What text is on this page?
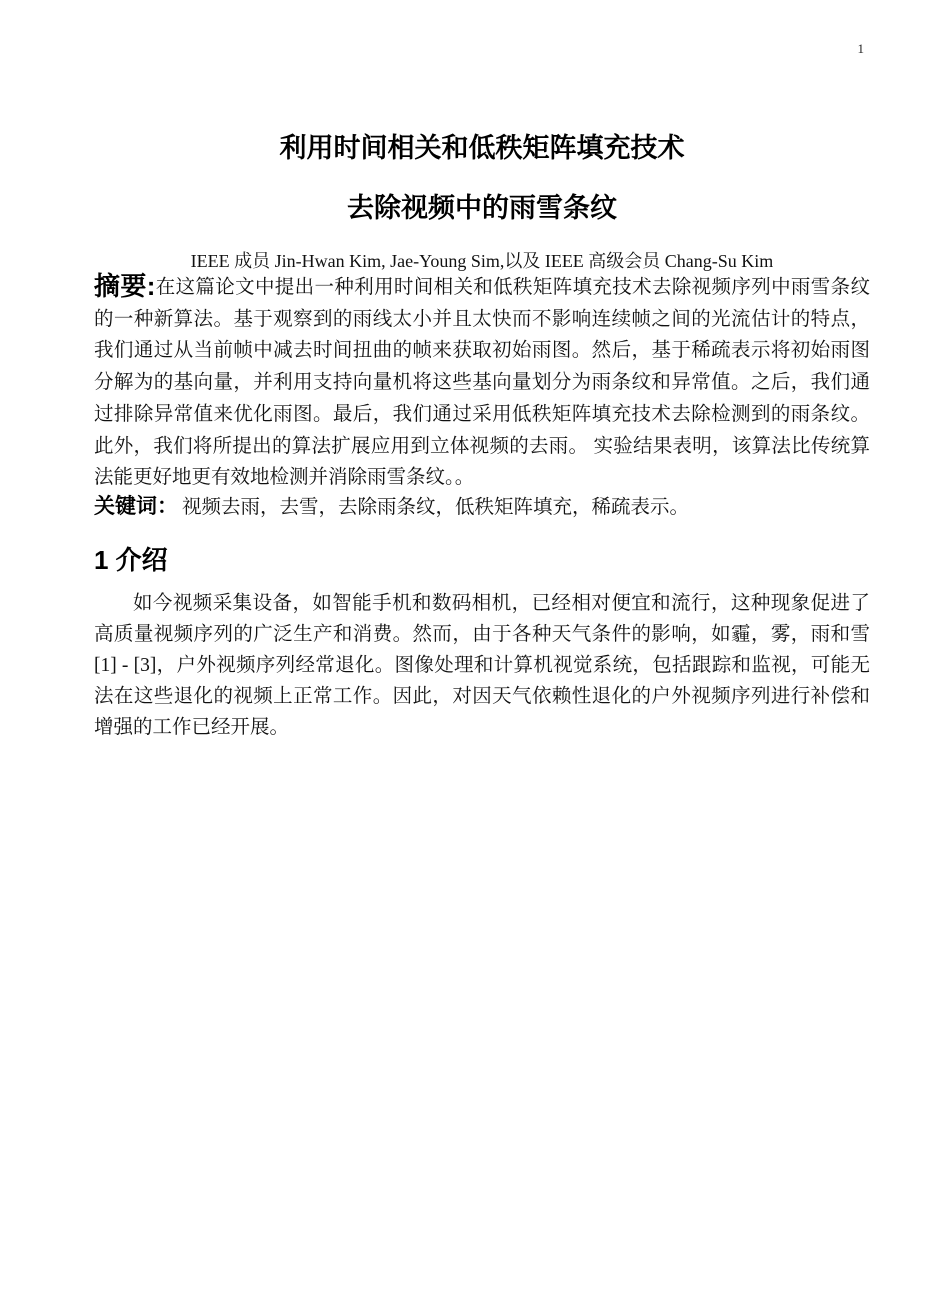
1
利用时间相关和低秩矩阵填充技术
去除视频中的雨雪条纹

IEEE 成员 Jin-Hwan Kim, Jae-Young Sim,以及 IEEE 高级会员 Chang-Su Kim

摘要:在这篇论文中提出一种利用时间相关和低秩矩阵填充技术去除视频序列中雨雪条纹的一种新算法。基于观察到的雨线太小并且太快而不影响连续帧之间的光流估计的特点，我们通过从当前帧中减去时间扭曲的帧来获取初始雨图。然后，基于稀疏表示将初始雨图分解为的基向量，并利用支持向量机将这些基向量划分为雨条纹和异常值。之后，我们通过排除异常值来优化雨图。最后，我们通过采用低秩矩阵填充技术去除检测到的雨条纹。此外，我们将所提出的算法扩展应用到立体视频的去雨。 实验结果表明，该算法比传统算法能更好地更有效地检测并消除雨雪条纹。。

关键词： 视频去雨，去雪，去除雨条纹，低秩矩阵填充，稀疏表示。

1 介绍

如今视频采集设备，如智能手机和数码相机，已经相对便宜和流行，这种现象促进了高质量视频序列的广泛生产和消费。然而，由于各种天气条件的影响，如霾，雾，雨和雪[1] - [3]，户外视频序列经常退化。图像处理和计算机视觉系统，包括跟踪和监视，可能无法在这些退化的视频上正常工作。因此，对因天气依赖性退化的户外视频序列进行补偿和增强的工作已经开展。
